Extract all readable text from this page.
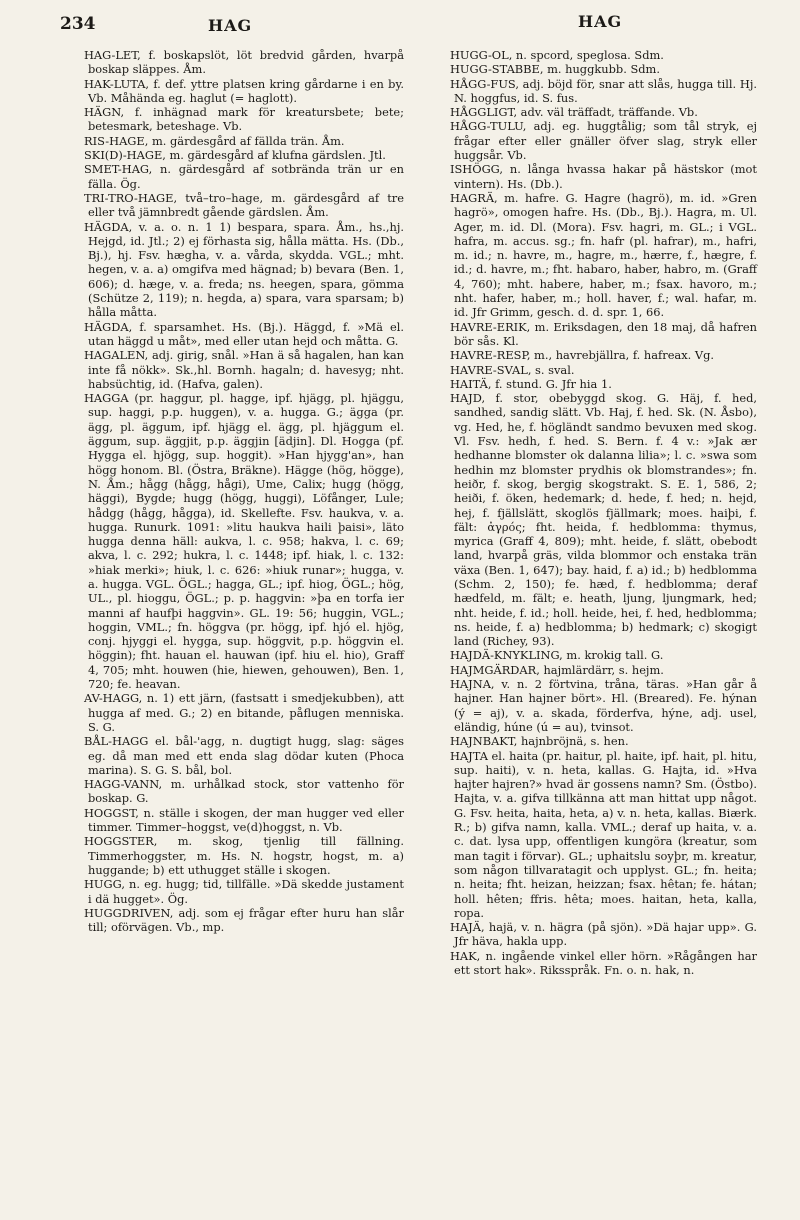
234	HAG	HAG

HAG-LET, f. boskapslöt, löt bredvid gården, hvarpå boskap släppes. Åm.

HAK-LUTA, f. def. yttre platsen kring gårdarne i en by. Vb. Måhända eg. haglut (= haglott).

HÄGN, f. inhägnad mark för kreatursbete; bete; betesmark, beteshage. Vb.

RIS-HAGE, m. gärdesgård af fällda trän. Åm.

SKI(D)-HAGE, m. gärdesgård af klufna gärdslen. Jtl.

SMET-HAG, n. gärdesgård af sotbrända trän ur en fälla. Ög.

TRI-TRO-HAGE, två–tro–hage, m. gärdesgård af tre eller två jämnbredt gående gärdslen. Åm.

HÄGDA, v. a. o. n. 1 1) bespara, spara. Åm., hs.,hj. Hejgd, id. Jtl.; 2) ej förhasta sig, hålla mätta. Hs. (Db., Bj.), hj. Fsv. hægha, v. a. vårda, skydda. VGL.; mht. hegen, v. a. a) omgifva med hägnad; b) bevara (Ben. 1, 606); d. hæge, v. a. freda; ns. heegen, spara, gömma (Schütze 2, 119); n. hegda, a) spara, vara sparsam; b) hålla måtta.

HÄGDA, f. sparsamhet. Hs. (Bj.). Häggd, f. »Mä el. utan häggd u måt», med eller utan hejd och måtta. G.

HAGALEN, adj. girig, snål. »Han ä så hagalen, han kan inte få nökk». Sk.,hl. Bornh. hagaln; d. havesyg; nht. habsüchtig, id. (Hafva, galen).

HAGGA (pr. haggur, pl. hagge, ipf. hjägg, pl. hjäggu, sup. haggi, p.p. huggen), v. a. hugga. G.; ägga (pr. ägg, pl. äggum, ipf. hjägg el. ägg, pl. hjäggum el. äggum, sup. äggjit, p.p. äggjin [ädjin]. Dl. Hogga (pf. Hygga el. hjögg, sup. hoggit). »Han hjygg'an», han högg honom. Bl. (Östra, Bräkne). Hägge (hög, högge), N. Åm.; hågg (hågg, hågi), Ume, Calix; hugg (högg, häggi), Bygde; hugg (högg, huggi), Löfånger, Lule; hådgg (hågg, hågga), id. Skellefte. Fsv. haukva, v. a. hugga. Runurk. 1091: »litu haukva haili þaisi», läto hugga denna häll: aukva, l. c. 958; hakva, l. c. 69; akva, l. c. 292; hukra, l. c. 1448; ipf. hiak, l. c. 132: »hiak merki»; hiuk, l. c. 626: »hiuk runar»; hugga, v. a. hugga. VGL. ÖGL.; hagga, GL.; ipf. hiog, ÖGL.; hög, UL., pl. hioggu, ÖGL.; p. p. haggvin: »þa en torfa ier manni af haufþi haggvin». GL. 19: 56; huggin, VGL.; hoggin, VML.; fn. höggva (pr. högg, ipf. hjó el. hjög, conj. hjyggi el. hygga, sup. höggvit, p.p. höggvin el. höggin); fht. hauan el. hauwan (ipf. hiu el. hio), Graff 4, 705; mht. houwen (hie, hiewen, gehouwen), Ben. 1, 720; fe. heavan.

AV-HAGG, n. 1) ett järn, (fastsatt i smedjekubben), att hugga af med. G.; 2) en bitande, påflugen menniska. S. G.

BÅL-HAGG el. bål-'agg, n. dugtigt hugg, slag: säges eg. då man med ett enda slag dödar kuten (Phoca marina). S. G. S. bål, bol.

HAGG-VANN, m. urhålkad stock, stor vattenho för boskap. G.

HOGGST, n. ställe i skogen, der man hugger ved eller timmer. Timmer–hoggst, ve(d)hoggst, n. Vb.

HOGGSTER, m. skog, tjenlig till fällning. Timmerhoggster, m. Hs. N. hogstr, hogst, m. a) huggande; b) ett uthugget ställe i skogen.

HUGG, n. eg. hugg; tid, tillfälle. »Dä skedde justament i dä hugget». Ög.

HUGGDRIVEN, adj. som ej frågar efter huru han slår till; oförvägen. Vb., mp.

HUGG-OL, n. spcord, speglosa. Sdm.

HUGG-STABBE, m. huggkubb. Sdm.

HÅGG-FUS, adj. böjd för, snar att slås, hugga till. Hj. N. hoggfus, id. S. fus.

HÅGGLIGT, adv. väl träffadt, träffande. Vb.

HÅGG-TULU, adj. eg. huggtålig; som tål stryk, ej frågar efter eller gnäller öfver slag, stryk eller huggsår. Vb.

ISHÖGG, n. långa hvassa hakar på hästskor (mot vintern). Hs. (Db.).

HAGRÄ, m. hafre. G. Hagre (hagrö), m. id. »Gren hagrö», omogen hafre. Hs. (Db., Bj.). Hagra, m. Ul. Ager, m. id. Dl. (Mora). Fsv. hagri, m. GL.; i VGL. hafra, m. accus. sg.; fn. hafr (pl. hafrar), m., hafri, m. id.; n. havre, m., hagre, m., hærre, f., hægre, f. id.; d. havre, m.; fht. habaro, haber, habro, m. (Graff 4, 760); mht. habere, haber, m.; fsax. havoro, m.; nht. hafer, haber, m.; holl. haver, f.; wal. hafar, m. id. Jfr Grimm, gesch. d. d. spr. 1, 66.

HAVRE-ERIK, m. Eriksdagen, den 18 maj, då hafren bör sås. Kl.

HAVRE-RESP, m., havrebjällra, f. hafreax. Vg.

HAVRE-SVAL, s. sval.

HAITÄ, f. stund. G. Jfr hia 1.

HAJD, f. stor, obebyggd skog. G. Häj, f. hed, sandhed, sandig slätt. Vb. Haj, f. hed. Sk. (N. Åsbo), vg. Hed, he, f. högländt sandmo bevuxen med skog. Vl. Fsv. hedh, f. hed. S. Bern. f. 4 v.: »Jak ær hedhanne blomster ok dalanna lilia»; l. c. »swa som hedhin mz blomster prydhis ok blomstrandes»; fn. heiðr, f. skog, bergig skogstrakt. S. E. 1, 586, 2; heiði, f. öken, hedemark; d. hede, f. hed; n. hejd, hej, f. fjällslätt, skoglös fjällmark; moes. haiþi, f. fält: ἀγρός; fht. heida, f. hedblomma: thymus, myrica (Graff 4, 809); mht. heide, f. slätt, obebodt land, hvarpå gräs, vilda blommor och enstaka trän växa (Ben. 1, 647); bay. haid, f. a) id.; b) hedblomma (Schm. 2, 150); fe. hæd, f. hedblomma; deraf hædfeld, m. fält; e. heath, ljung, ljungmark, hed; nht. heide, f. id.; holl. heide, hei, f. hed, hedblomma; ns. heide, f. a) hedblomma; b) hedmark; c) skogigt land (Richey, 93).

HAJDÄ-KNYKLING, m. krokig tall. G.

HAJMGÄRDAR, hajmlärdärr, s. hejm.

HAJNA, v. n. 2 förtvina, tråna, täras. »Han går å hajner. Han hajner bört». Hl. (Breared). Fe. hýnan (ý = aj), v. a. skada, förderfva, hýne, adj. usel, eländig, húne (ú = au), tvinsot.

HAJNBAKT, hajnbröjnä, s. hen.

HAJTA el. haita (pr. haitur, pl. haite, ipf. hait, pl. hitu, sup. haiti), v. n. heta, kallas. G. Hajta, id. »Hva hajter hajren?» hvad är gossens namn? Sm. (Östbo). Hajta, v. a. gifva tillkänna att man hittat upp något. G. Fsv. heita, haita, heta, a) v. n. heta, kallas. Biærk. R.; b) gifva namn, kalla. VML.; deraf up haita, v. a. c. dat. lysa upp, offentligen kungöra (kreatur, som man tagit i förvar). GL.; uphaitslu soyþr, m. kreatur, som någon tillvaratagit och upplyst. GL.; fn. heita; n. heita; fht. heizan, heizzan; fsax. hêtan; fe. hátan; holl. hêten; ffris. hêta; moes. haitan, heta, kalla, ropa.

HAJÄ, hajä, v. n. hägra (på sjön). »Dä hajar upp». G. Jfr häva, hakla upp.

HAK, n. ingående vinkel eller hörn. »Rågången har ett stort hak». Riksspråk. Fn. o. n. hak, n.
